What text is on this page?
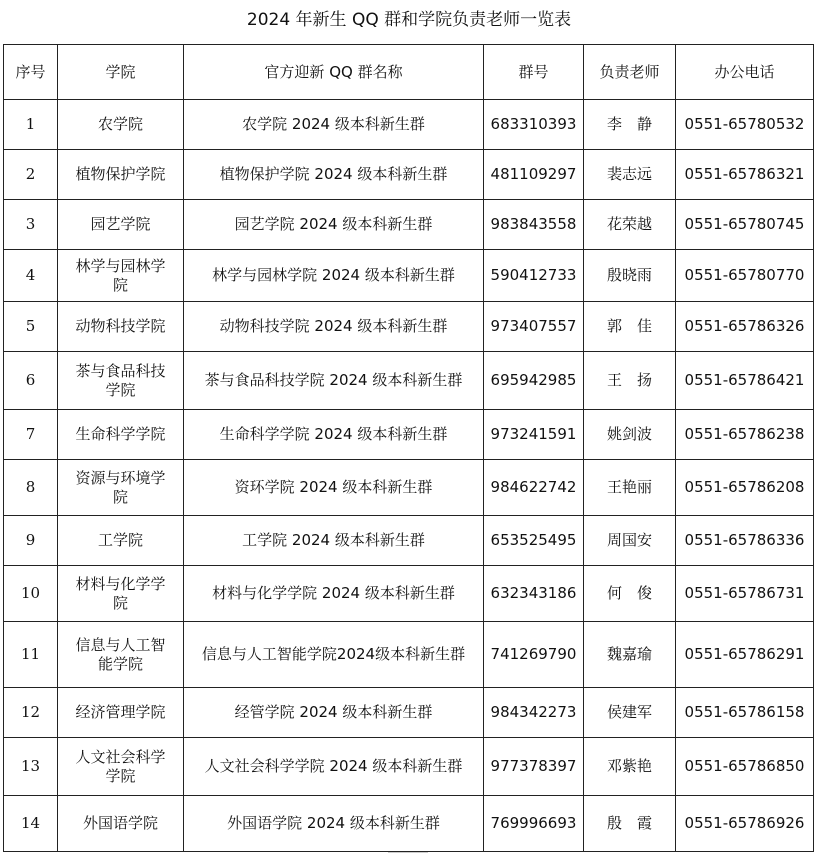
2024 年新生 QQ 群和学院负责老师一览表
序号	学院	官方迎新 QQ 群名称	群号	负责老师	办公电话
1	农学院	农学院 2024 级本科新生群	683310393	李　静	0551-65780532
2	植物保护学院	植物保护学院 2024 级本科新生群	481109297	裴志远	0551-65786321
3	园艺学院	园艺学院 2024 级本科新生群	983843558	花荣越	0551-65780745
4	林学与园林学院	林学与园林学院 2024 级本科新生群	590412733	殷晓雨	0551-65780770
5	动物科技学院	动物科技学院 2024 级本科新生群	973407557	郭　佳	0551-65786326
6	茶与食品科技学院	茶与食品科技学院 2024 级本科新生群	695942985	王　扬	0551-65786421
7	生命科学学院	生命科学学院 2024 级本科新生群	973241591	姚剑波	0551-65786238
8	资源与环境学院	资环学院 2024 级本科新生群	984622742	王艳丽	0551-65786208
9	工学院	工学院 2024 级本科新生群	653525495	周国安	0551-65786336
10	材料与化学学院	材料与化学学院 2024 级本科新生群	632343186	何　俊	0551-65786731
11	信息与人工智能学院	信息与人工智能学院2024级本科新生群	741269790	魏嘉瑜	0551-65786291
12	经济管理学院	经管学院 2024 级本科新生群	984342273	侯建军	0551-65786158
13	人文社会科学学院	人文社会科学学院 2024 级本科新生群	977378397	邓紫艳	0551-65786850
14	外国语学院	外国语学院 2024 级本科新生群	769996693	殷　霞	0551-65786926
